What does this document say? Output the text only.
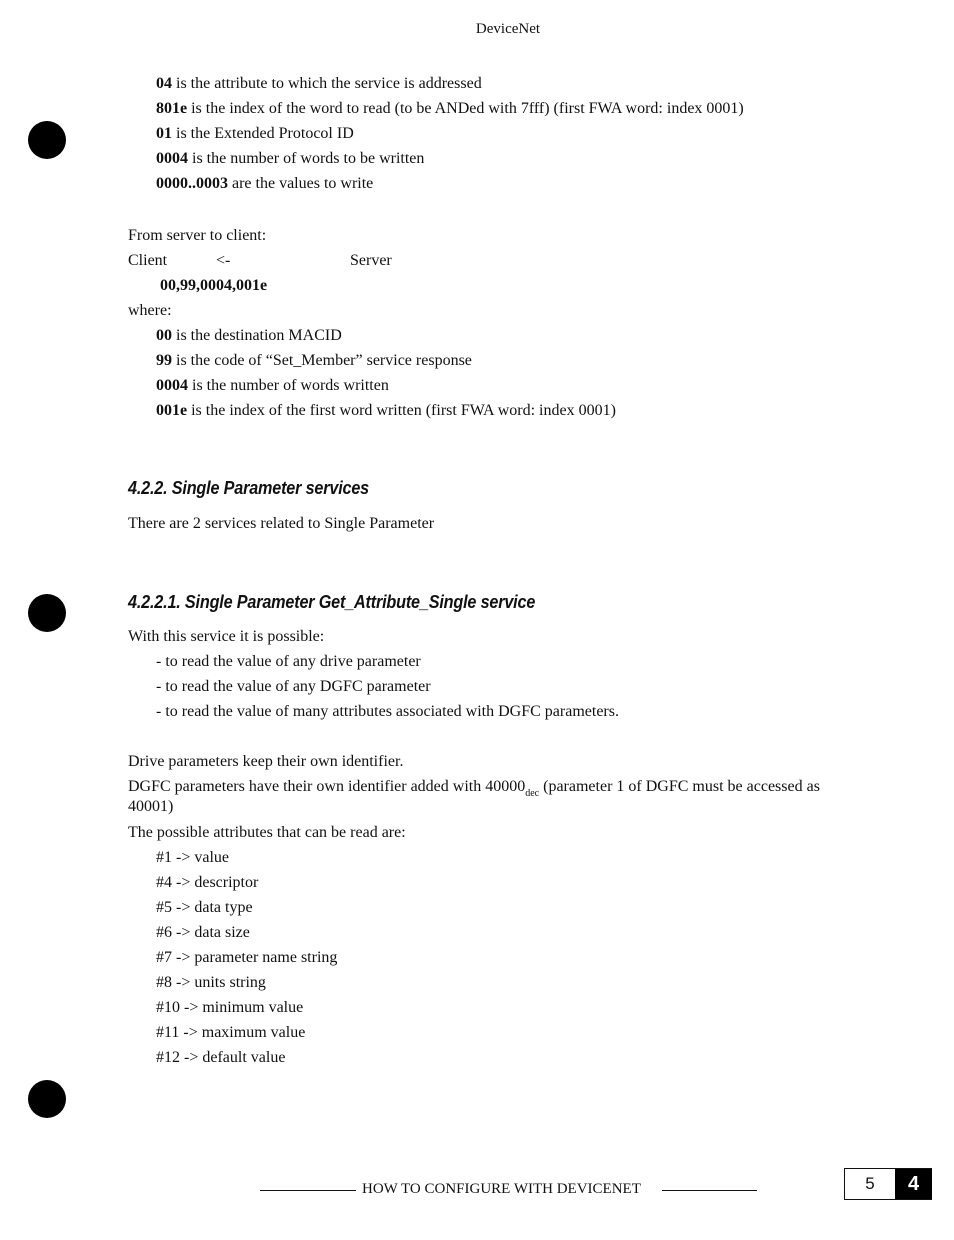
DeviceNet
04 is the attribute to which the service is addressed
801e is the index of the word to read (to be ANDed with 7fff) (first FWA word: index 0001)
01 is the Extended Protocol ID
0004 is the number of words to be written
0000..0003 are the values to write
From server to client:
Client	<-	Server
00,99,0004,001e
where:
00 is the destination MACID
99 is the code of “Set_Member” service response
0004 is the number of words written
001e is the index of the first word written (first FWA word: index 0001)
4.2.2. Single Parameter services
There are 2 services related to Single Parameter
4.2.2.1. Single Parameter Get_Attribute_Single service
With this service it is possible:
- to read the value of any drive parameter
- to read the value of any DGFC parameter
- to read the value of many attributes associated with DGFC parameters.
Drive parameters keep their own identifier.
DGFC parameters have their own identifier added with $40000_{dec}$ (parameter 1 of DGFC must be accessed as
40001)
The possible attributes that can be read are:
#1 -> value
#4 -> descriptor
#5 -> data type
#6 -> data size
#7 -> parameter name string
#8 -> units string
#10 -> minimum value
#11 -> maximum value
#12 -> default value
HOW TO CONFIGURE WITH DEVICENET	5	4
